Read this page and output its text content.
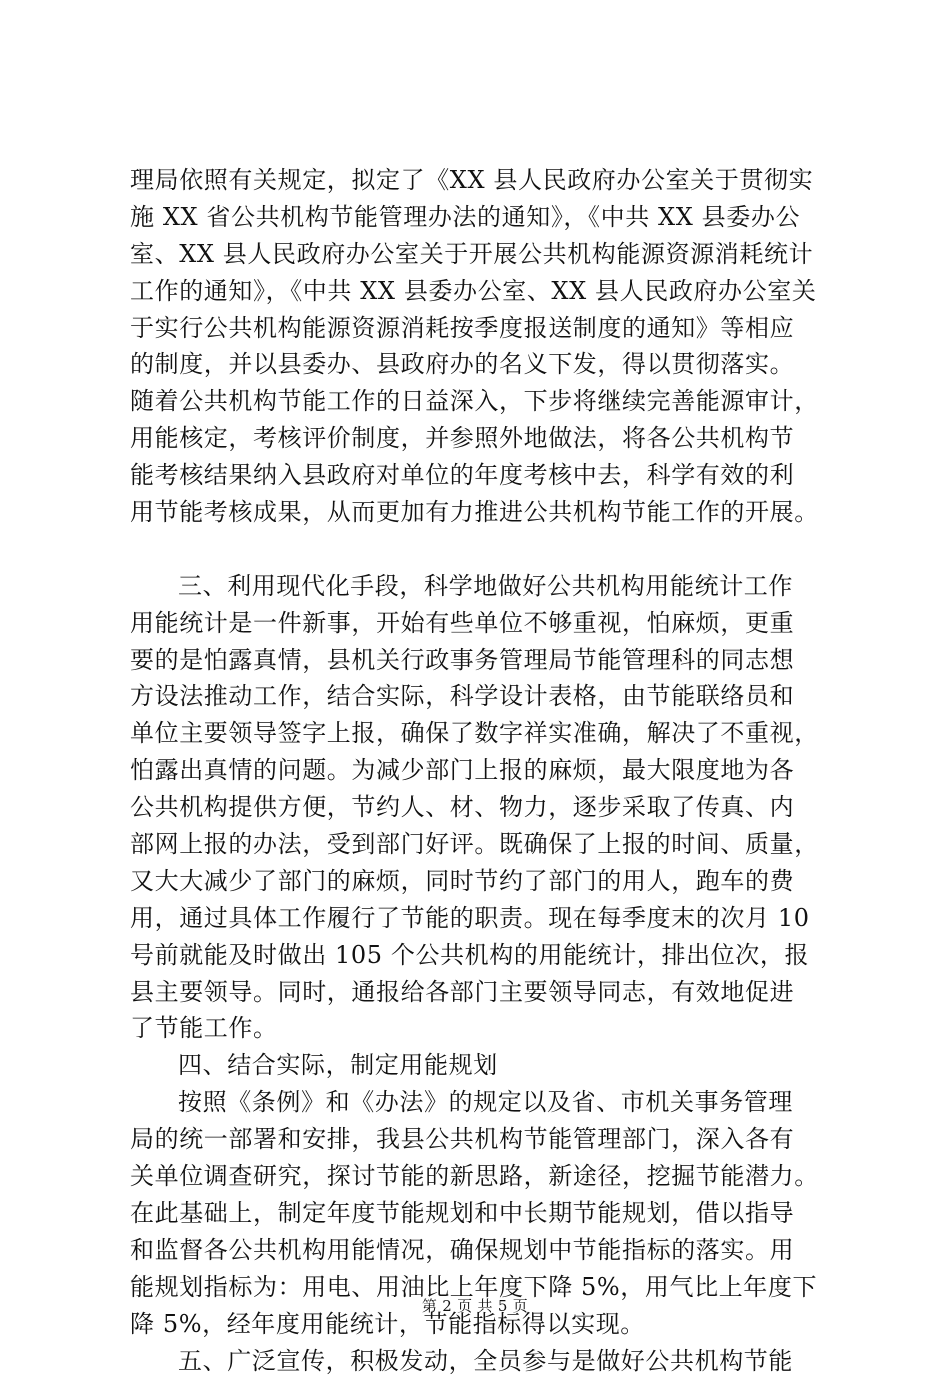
理局依照有关规定，拟定了《XX 县人民政府办公室关于贯彻实
施 XX 省公共机构节能管理办法的通知》，《中共 XX 县委办公
室、XX 县人民政府办公室关于开展公共机构能源资源消耗统计
工作的通知》，《中共 XX 县委办公室、XX 县人民政府办公室关
于实行公共机构能源资源消耗按季度报送制度的通知》等相应
的制度，并以县委办、县政府办的名义下发，得以贯彻落实。
随着公共机构节能工作的日益深入，下步将继续完善能源审计，
用能核定，考核评价制度，并参照外地做法，将各公共机构节
能考核结果纳入县政府对单位的年度考核中去，科学有效的利
用节能考核成果，从而更加有力推进公共机构节能工作的开展。
三、利用现代化手段，科学地做好公共机构用能统计工作
用能统计是一件新事，开始有些单位不够重视，怕麻烦，更重
要的是怕露真情，县机关行政事务管理局节能管理科的同志想
方设法推动工作，结合实际，科学设计表格，由节能联络员和
单位主要领导签字上报，确保了数字祥实准确，解决了不重视，
怕露出真情的问题。为减少部门上报的麻烦，最大限度地为各
公共机构提供方便，节约人、材、物力，逐步采取了传真、内
部网上报的办法，受到部门好评。既确保了上报的时间、质量，
又大大减少了部门的麻烦，同时节约了部门的用人，跑车的费
用，通过具体工作履行了节能的职责。现在每季度末的次月 10
号前就能及时做出 105 个公共机构的用能统计，排出位次，报
县主要领导。同时，通报给各部门主要领导同志，有效地促进
了节能工作。
四、结合实际，制定用能规划
按照《条例》和《办法》的规定以及省、市机关事务管理
局的统一部署和安排，我县公共机构节能管理部门，深入各有
关单位调查研究，探讨节能的新思路，新途径，挖掘节能潜力。
在此基础上，制定年度节能规划和中长期节能规划，借以指导
和监督各公共机构用能情况，确保规划中节能指标的落实。用
能规划指标为：用电、用油比上年度下降 5%，用气比上年度下
降 5%，经年度用能统计，节能指标得以实现。
五、广泛宣传，积极发动，全员参与是做好公共机构节能
第 2 页 共 5 页
